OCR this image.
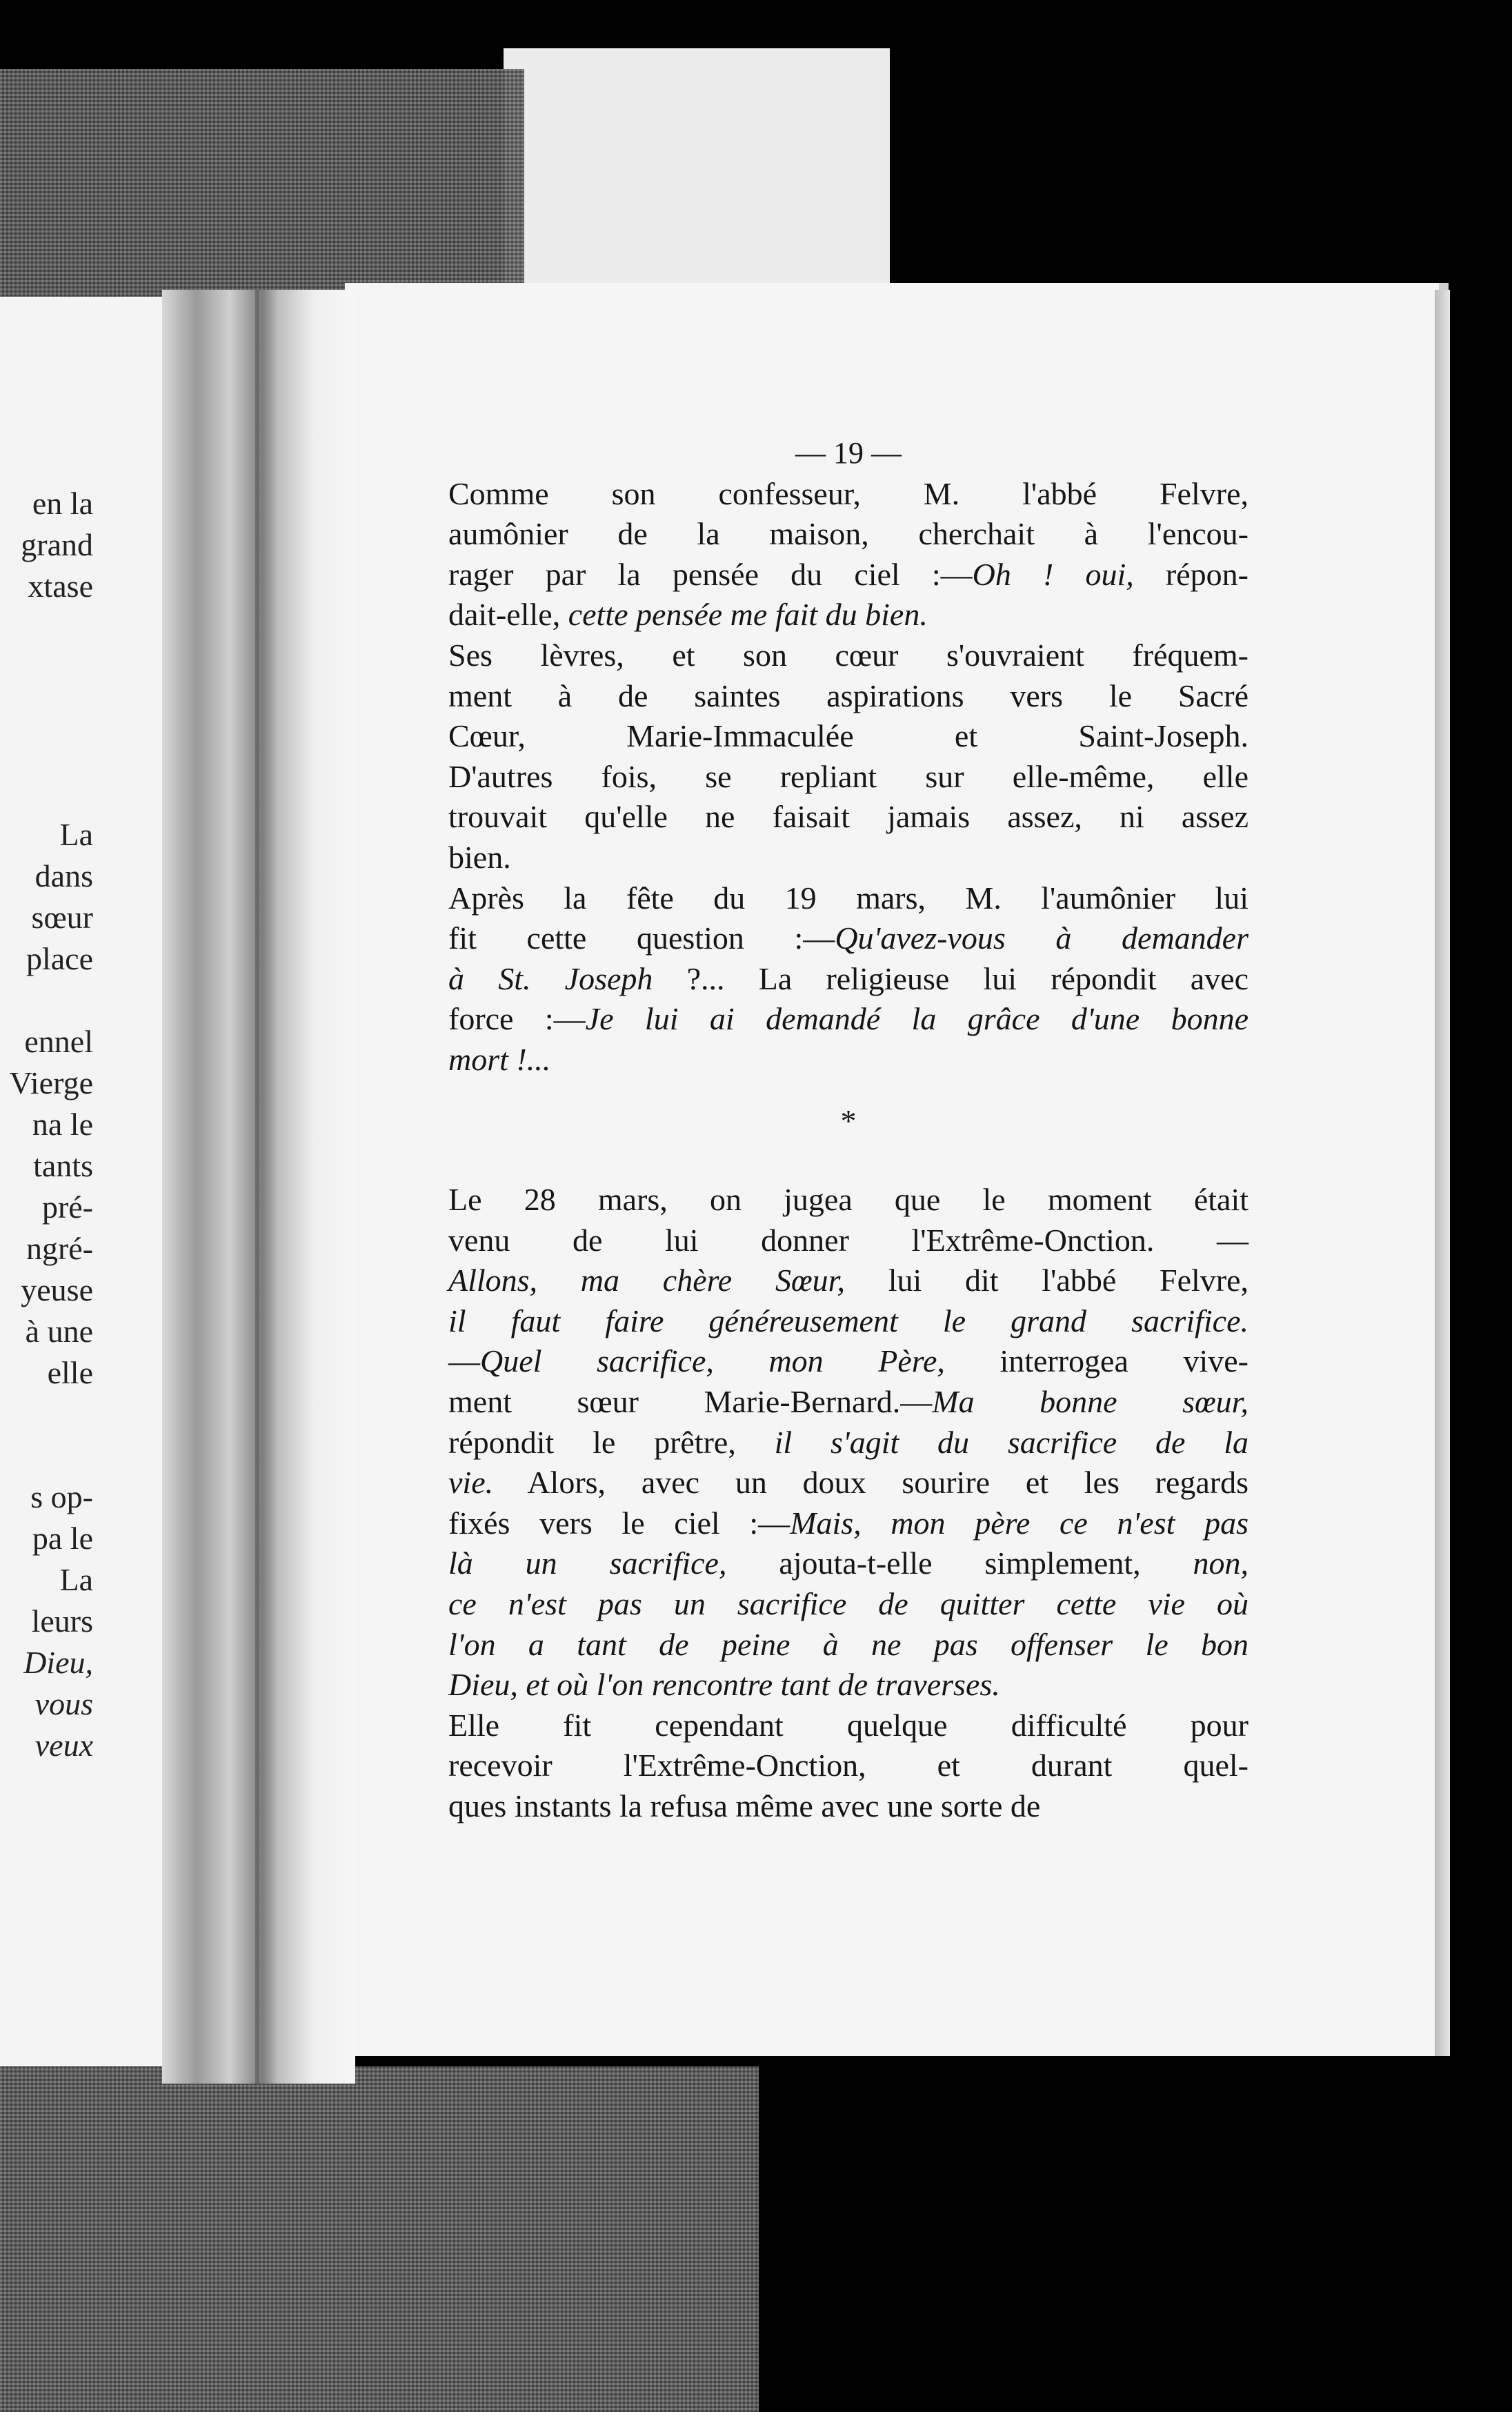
en la
grand
xtase
La
dans
sœur
place
ennel
Vierge
na le
tants
pré-
ngré-
yeuse
à une
elle
s op-
pa le
La
leurs
Dieu,
vous
veux
— 19 —
Comme son confesseur, M. l'abbé Felvre,
aumônier de la maison, cherchait à l'encou-
rager par la pensée du ciel :—Oh ! oui, répon-
dait-elle, cette pensée me fait du bien.
Ses lèvres, et son cœur s'ouvraient fréquem-
ment à de saintes aspirations vers le Sacré
Cœur, Marie-Immaculée et Saint-Joseph.
D'autres fois, se repliant sur elle-même, elle
trouvait qu'elle ne faisait jamais assez, ni assez
bien.
Après la fête du 19 mars, M. l'aumônier lui
fit cette question :—Qu'avez-vous à demander
à St. Joseph ?... La religieuse lui répondit avec
force :—Je lui ai demandé la grâce d'une bonne
mort !...
*
Le 28 mars, on jugea que le moment était
venu de lui donner l'Extrême-Onction. —
Allons, ma chère Sœur, lui dit l'abbé Felvre,
il faut faire généreusement le grand sacrifice.
—Quel sacrifice, mon Père, interrogea vive-
ment sœur Marie-Bernard.—Ma bonne sœur,
répondit le prêtre, il s'agit du sacrifice de la
vie. Alors, avec un doux sourire et les regards
fixés vers le ciel :—Mais, mon père ce n'est pas
là un sacrifice, ajouta-t-elle simplement, non,
ce n'est pas un sacrifice de quitter cette vie où
l'on a tant de peine à ne pas offenser le bon
Dieu, et où l'on rencontre tant de traverses.
Elle fit cependant quelque difficulté pour
recevoir l'Extrême-Onction, et durant quel-
ques instants la refusa même avec une sorte de
